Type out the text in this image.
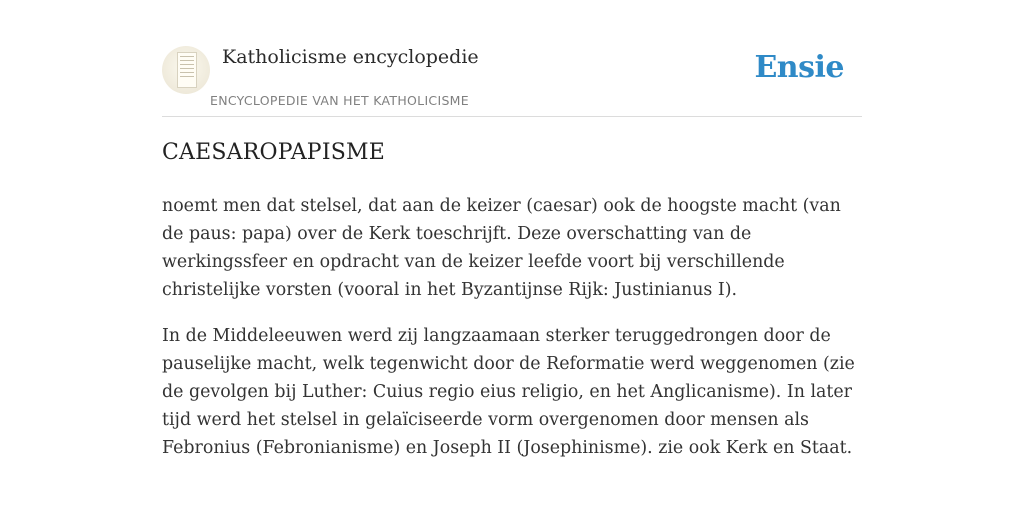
Katholicisme encyclopedie
ENCYCLOPEDIE VAN HET KATHOLICISME
Ensie
CAESAROPAPISME

noemt men dat stelsel, dat aan de keizer (caesar) ook de hoogste macht (van de paus: papa) over de Kerk toeschrijft. Deze overschatting van de werkingssfeer en opdracht van de keizer leefde voort bij verschillende christelijke vorsten (vooral in het Byzantijnse Rijk: Justinianus I).

In de Middeleeuwen werd zij langzaamaan sterker teruggedrongen door de pauselijke macht, welk tegenwicht door de Reformatie werd weggenomen (zie de gevolgen bij Luther: Cuius regio eius religio, en het Anglicanisme). In later tijd werd het stelsel in gelaïciseerde vorm overgenomen door mensen als Febronius (Febronianisme) en Joseph II (Josephinisme). zie ook Kerk en Staat.
